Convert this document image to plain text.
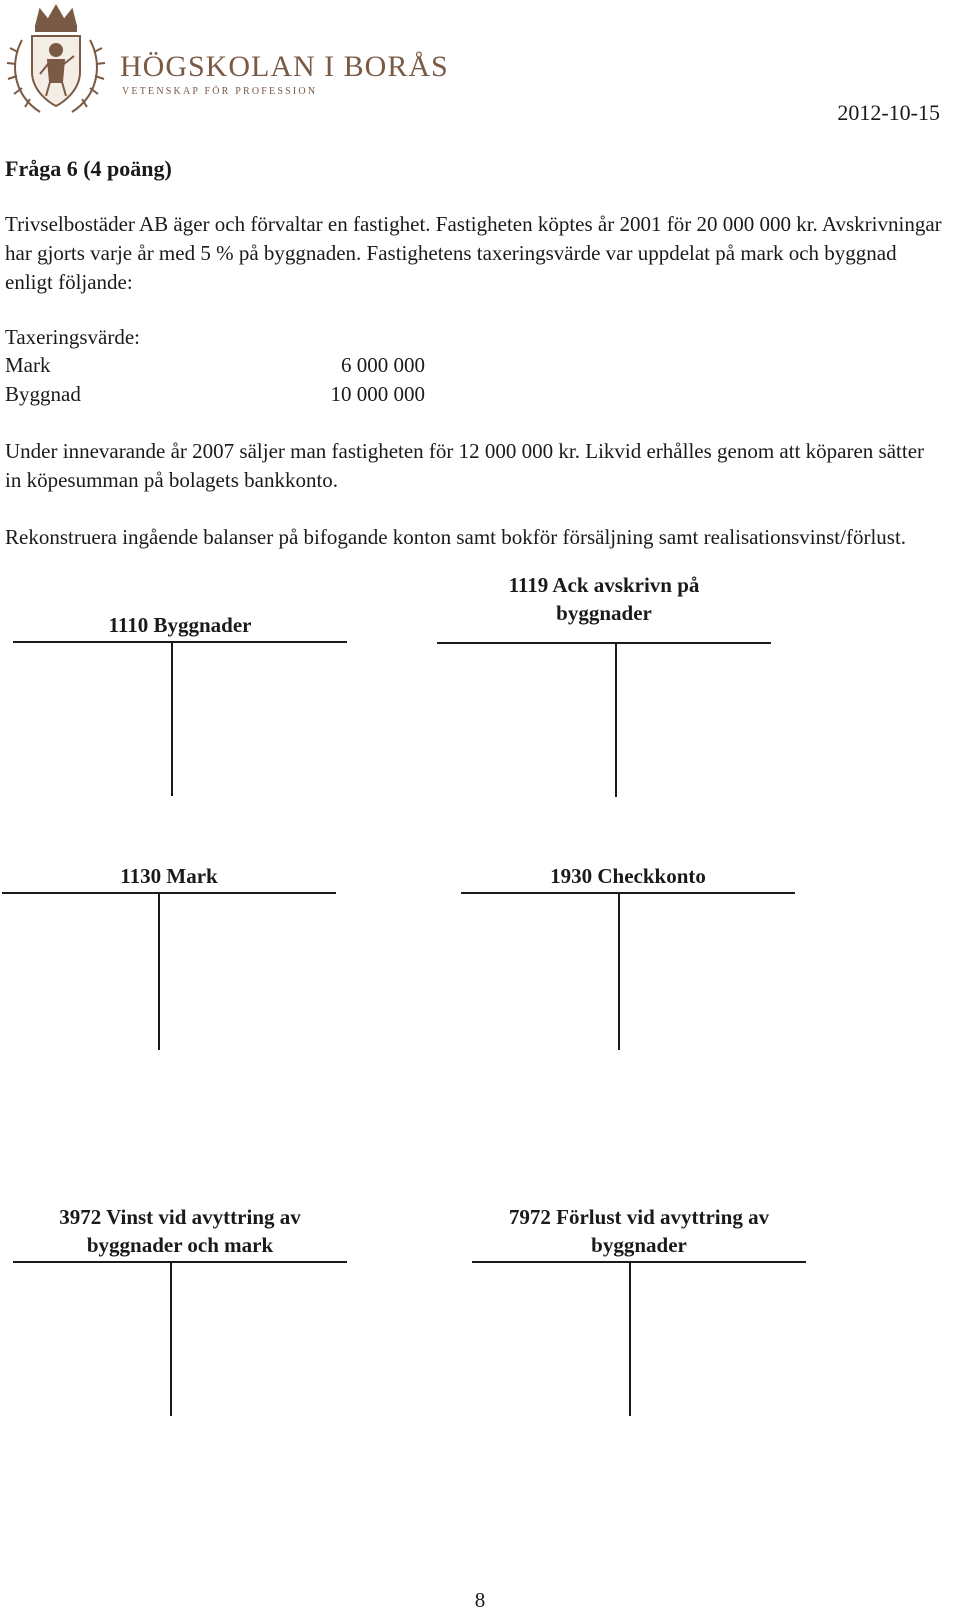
HÖGSKOLAN I BORÅS
VETENSKAP FÖR PROFESSION
2012-10-15
Fråga 6 (4 poäng)

Trivselbostäder AB äger och förvaltar en fastighet. Fastigheten köptes år 2001 för 20 000 000 kr. Avskrivningar har gjorts varje år med 5 % på byggnaden. Fastighetens taxeringsvärde var uppdelat på mark och byggnad enligt följande:

Taxeringsvärde:
Mark	6 000 000
Byggnad	10 000 000

Under innevarande år 2007 säljer man fastigheten för 12 000 000 kr. Likvid erhålles genom att köparen sätter in köpesumman på bolagets bankkonto.

Rekonstruera ingående balanser på bifogande konton samt bokför försäljning samt realisationsvinst/förlust.

1110 Byggnader
1119 Ack avskrivn på byggnader
1130 Mark	1930 Checkkonto
3972 Vinst vid avyttring av byggnader och mark
7972 Förlust vid avyttring av byggnader
8
